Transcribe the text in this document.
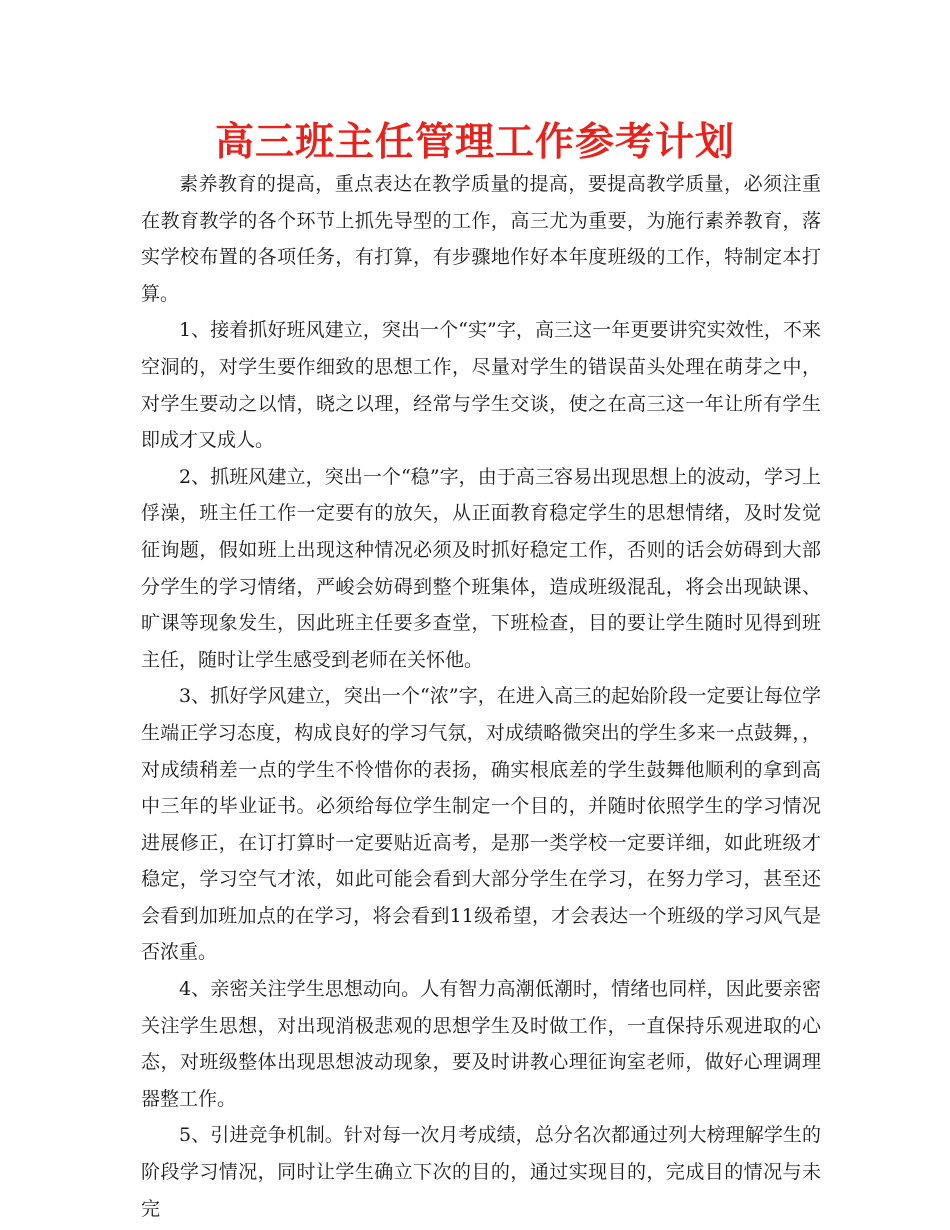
高三班主任管理工作参考计划

素养教育的提高，重点表达在教学质量的提高，要提高教学质量，必须注重在教育教学的各个环节上抓先导型的工作，高三尤为重要，为施行素养教育，落实学校布置的各项任务，有打算，有步骤地作好本年度班级的工作，特制定本打算。

1、接着抓好班风建立，突出一个“实”字，高三这一年更要讲究实效性，不来空洞的，对学生要作细致的思想工作，尽量对学生的错误苗头处理在萌芽之中，对学生要动之以情，晓之以理，经常与学生交谈，使之在高三这一年让所有学生即成才又成人。

2、抓班风建立，突出一个“稳”字，由于高三容易出现思想上的波动，学习上俘澡，班主任工作一定要有的放矢，从正面教育稳定学生的思想情绪，及时发觉征询题，假如班上出现这种情况必须及时抓好稳定工作，否则的话会妨碍到大部分学生的学习情绪，严峻会妨碍到整个班集体，造成班级混乱，将会出现缺课、旷课等现象发生，因此班主任要多查堂，下班检查，目的要让学生随时见得到班主任，随时让学生感受到老师在关怀他。

3、抓好学风建立，突出一个“浓”字，在进入高三的起始阶段一定要让每位学生端正学习态度，构成良好的学习气氛，对成绩略微突出的学生多来一点鼓舞，，对成绩稍差一点的学生不怜惜你的表扬，确实根底差的学生鼓舞他顺利的拿到高中三年的毕业证书。必须给每位学生制定一个目的，并随时依照学生的学习情况进展修正，在订打算时一定要贴近高考，是那一类学校一定要详细，如此班级才稳定，学习空气才浓，如此可能会看到大部分学生在学习，在努力学习，甚至还会看到加班加点的在学习，将会看到11级希望，才会表达一个班级的学习风气是否浓重。

4、亲密关注学生思想动向。人有智力高潮低潮时，情绪也同样，因此要亲密关注学生思想，对出现消极悲观的思想学生及时做工作，一直保持乐观进取的心态，对班级整体出现思想波动现象，要及时讲教心理征询室老师，做好心理调理器整工作。

5、引进竞争机制。针对每一次月考成绩，总分名次都通过列大榜理解学生的阶段学习情况，同时让学生确立下次的目的，通过实现目的，完成目的情况与未完
